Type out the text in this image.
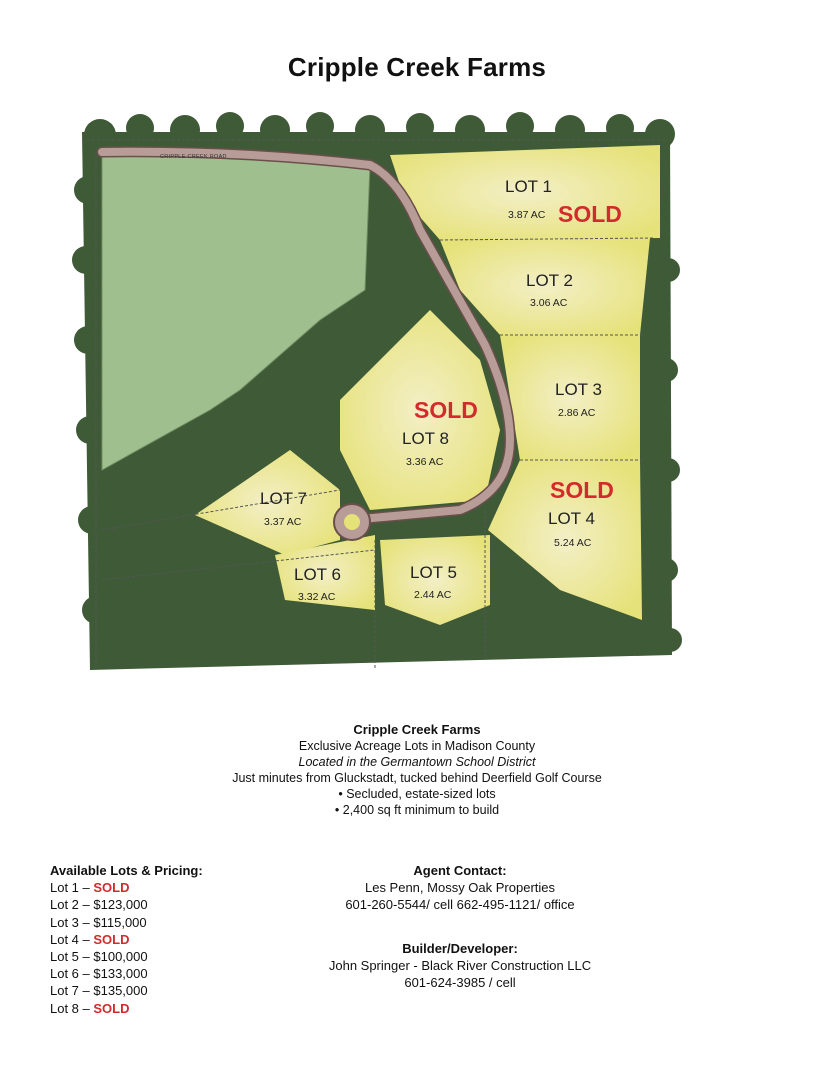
Cripple Creek Farms
CRIPPLE CREEK ROAD
LOT 1
3.87 AC SOLD
LOT 2
3.06 AC
LOT 3
2.86 AC
SOLD
LOT 4
5.24 AC
SOLD
LOT 8
3.36 AC
LOT 7
3.37 AC
LOT 6
3.32 AC
LOT 5
2.44 AC
Cripple Creek Farms
Exclusive Acreage Lots in Madison County
Located in the Germantown School District
Just minutes from Gluckstadt, tucked behind Deerfield Golf Course
• Secluded, estate-sized lots
• 2,400 sq ft minimum to build
Available Lots & Pricing:
Lot 1 – SOLD
Lot 2 – $123,000
Lot 3 – $115,000
Lot 4 – SOLD
Lot 5 – $100,000
Lot 6 – $133,000
Lot 7 – $135,000
Lot 8 – SOLD
Agent Contact:
Les Penn, Mossy Oak Properties
601-260-5544/ cell 662-495-1121/ office
Builder/Developer:
John Springer - Black River Construction LLC
601-624-3985 / cell
